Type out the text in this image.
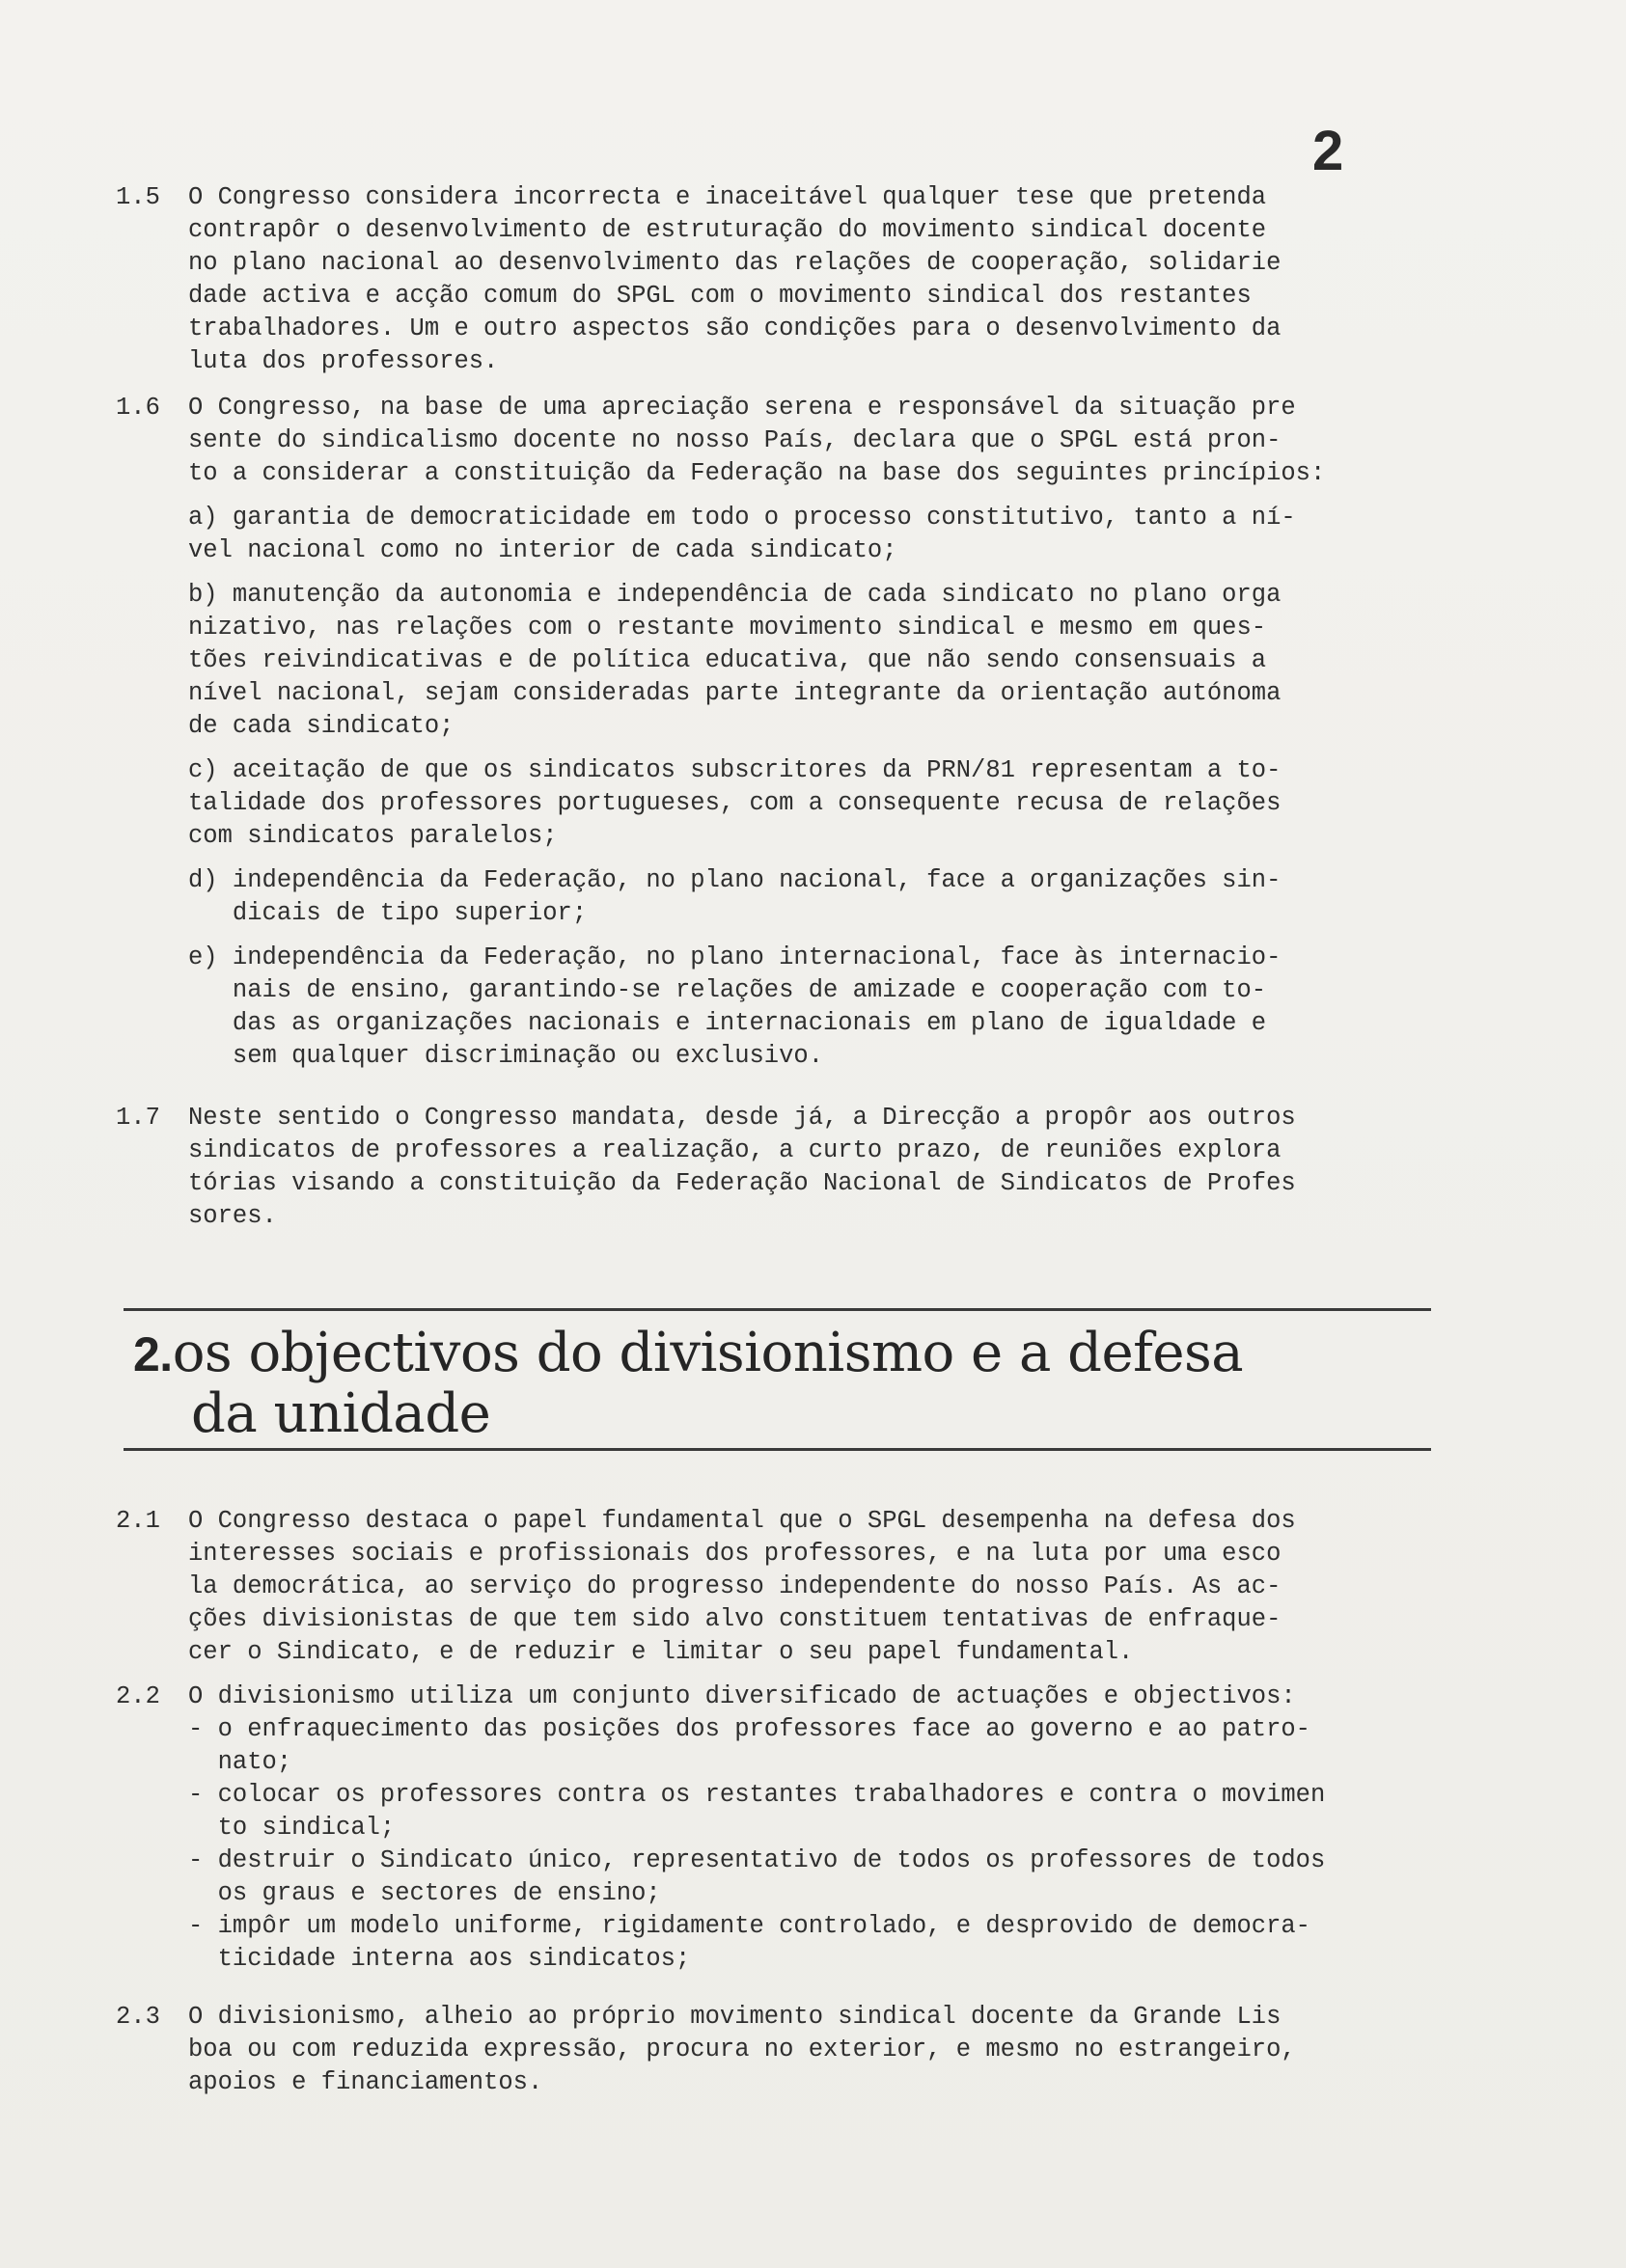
2
1.5	O Congresso considera incorrecta e inaceitável qualquer tese que pretenda
contrapôr o desenvolvimento de estruturação do movimento sindical docente
no plano nacional ao desenvolvimento das relações de cooperação, solidarie
dade activa e acção comum do SPGL com o movimento sindical dos restantes
trabalhadores. Um e outro aspectos são condições para o desenvolvimento da
luta dos professores.
1.6	O Congresso, na base de uma apreciação serena e responsável da situação pre
sente do sindicalismo docente no nosso País, declara que o SPGL está pron-
to a considerar a constituição da Federação na base dos seguintes princípios:
a) garantia de democraticidade em todo o processo constitutivo, tanto a ní-
vel nacional como no interior de cada sindicato;
b) manutenção da autonomia e independência de cada sindicato no plano orga
nizativo, nas relações com o restante movimento sindical e mesmo em ques-
tões reivindicativas e de política educativa, que não sendo consensuais a
nível nacional, sejam consideradas parte integrante da orientação autónoma
de cada sindicato;
c) aceitação de que os sindicatos subscritores da PRN/81 representam a to-
talidade dos professores portugueses, com a consequente recusa de relações
com sindicatos paralelos;
d) independência da Federação, no plano nacional, face a organizações sin-
dicais de tipo superior;
e) independência da Federação, no plano internacional, face às internacio-
nais de ensino, garantindo-se relações de amizade e cooperação com to-
das as organizações nacionais e internacionais em plano de igualdade e
sem qualquer discriminação ou exclusivo.
1.7	Neste sentido o Congresso mandata, desde já, a Direcção a propôr aos outros
sindicatos de professores a realização, a curto prazo, de reuniões explora
tórias visando a constituição da Federação Nacional de Sindicatos de Profes
sores.
2.os objectivos do divisionismo e a defesa
da unidade
2.1	O Congresso destaca o papel fundamental que o SPGL desempenha na defesa dos
interesses sociais e profissionais dos professores, e na luta por uma esco
la democrática, ao serviço do progresso independente do nosso País. As ac-
ções divisionistas de que tem sido alvo constituem tentativas de enfraque-
cer o Sindicato, e de reduzir e limitar o seu papel fundamental.
2.2	O divisionismo utiliza um conjunto diversificado de actuações e objectivos:
- o enfraquecimento das posições dos professores face ao governo e ao patro-
nato;
- colocar os professores contra os restantes trabalhadores e contra o movimen
to sindical;
- destruir o Sindicato único, representativo de todos os professores de todos
os graus e sectores de ensino;
- impôr um modelo uniforme, rigidamente controlado, e desprovido de democra-
ticidade interna aos sindicatos;
2.3	O divisionismo, alheio ao próprio movimento sindical docente da Grande Lis
boa ou com reduzida expressão, procura no exterior, e mesmo no estrangeiro,
apoios e financiamentos.
